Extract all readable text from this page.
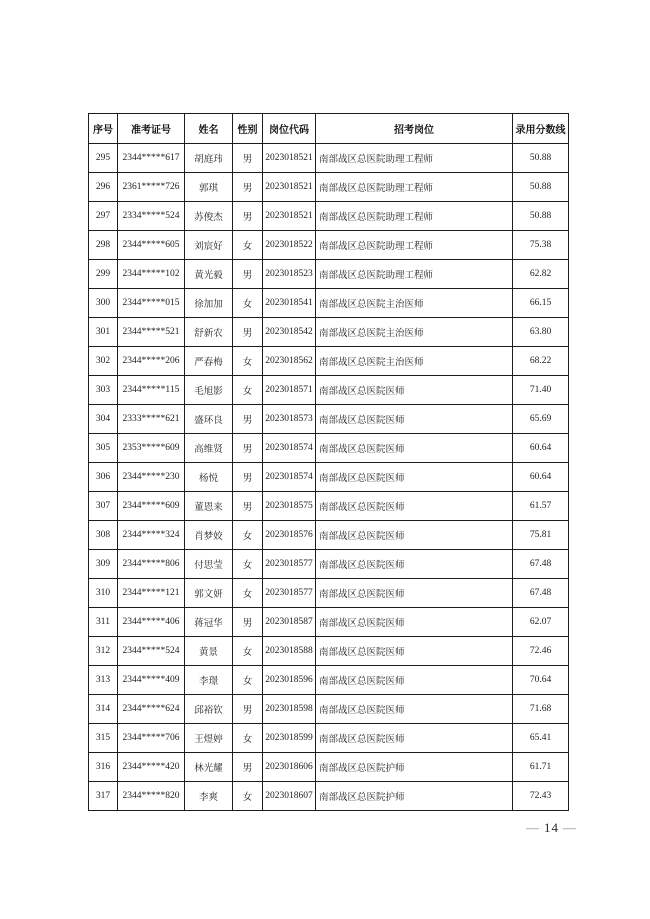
序号	准考证号	姓名	性别	岗位代码	招考岗位	录用分数线
295	2344*****617	胡庭玮	男	2023018521	南部战区总医院助理工程师	50.88
296	2361*****726	郭琪	男	2023018521	南部战区总医院助理工程师	50.88
297	2334*****524	苏俊杰	男	2023018521	南部战区总医院助理工程师	50.88
298	2344*****605	刘宸好	女	2023018522	南部战区总医院助理工程师	75.38
299	2344*****102	黄光毅	男	2023018523	南部战区总医院助理工程师	62.82
300	2344*****015	徐加加	女	2023018541	南部战区总医院主治医师	66.15
301	2344*****521	舒新农	男	2023018542	南部战区总医院主治医师	63.80
302	2344*****206	严春梅	女	2023018562	南部战区总医院主治医师	68.22
303	2344*****115	毛旭影	女	2023018571	南部战区总医院医师	71.40
304	2333*****621	盛环良	男	2023018573	南部战区总医院医师	65.69
305	2353*****609	高维贤	男	2023018574	南部战区总医院医师	60.64
306	2344*****230	杨悦	男	2023018574	南部战区总医院医师	60.64
307	2344*****609	董恩来	男	2023018575	南部战区总医院医师	61.57
308	2344*****324	肖梦姣	女	2023018576	南部战区总医院医师	75.81
309	2344*****806	付思莹	女	2023018577	南部战区总医院医师	67.48
310	2344*****121	郭文妍	女	2023018577	南部战区总医院医师	67.48
311	2344*****406	蒋冠华	男	2023018587	南部战区总医院医师	62.07
312	2344*****524	黄景	女	2023018588	南部战区总医院医师	72.46
313	2344*****409	李璟	女	2023018596	南部战区总医院医师	70.64
314	2344*****624	邱裕钦	男	2023018598	南部战区总医院医师	71.68
315	2344*****706	王煜婷	女	2023018599	南部战区总医院医师	65.41
316	2344*****420	林光耀	男	2023018606	南部战区总医院护师	61.71
317	2344*****820	李爽	女	2023018607	南部战区总医院护师	72.43
— 14 —
